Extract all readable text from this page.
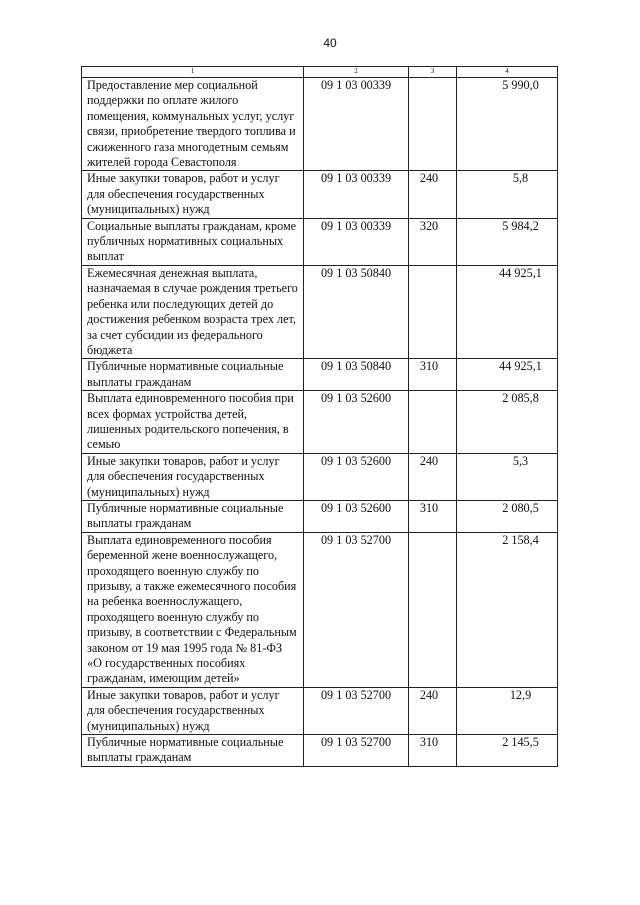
40
1	2	3	4
Предоставление мер социальной поддержки по оплате жилого помещения, коммунальных услуг, услуг связи, приобретение твердого топлива и сжиженного газа многодетным семьям жителей города Севастополя	09 1 03 00339		5 990,0
Иные закупки товаров, работ и услуг для обеспечения государственных (муниципальных) нужд	09 1 03 00339	240	5,8
Социальные выплаты гражданам, кроме публичных нормативных социальных выплат	09 1 03 00339	320	5 984,2
Ежемесячная денежная выплата, назначаемая в случае рождения третьего ребенка или последующих детей до достижения ребенком возраста трех лет, за счет субсидии из федерального бюджета	09 1 03 50840		44 925,1
Публичные нормативные социальные выплаты гражданам	09 1 03 50840	310	44 925,1
Выплата единовременного пособия при всех формах устройства детей, лишенных родительского попечения, в семью	09 1 03 52600		2 085,8
Иные закупки товаров, работ и услуг для обеспечения государственных (муниципальных) нужд	09 1 03 52600	240	5,3
Публичные нормативные социальные выплаты гражданам	09 1 03 52600	310	2 080,5
Выплата единовременного пособия беременной жене военнослужащего, проходящего военную службу по призыву, а также ежемесячного пособия на ребенка военнослужащего, проходящего военную службу по призыву, в соответствии с Федеральным законом от 19 мая 1995 года № 81-ФЗ «О государственных пособиях гражданам, имеющим детей»	09 1 03 52700		2 158,4
Иные закупки товаров, работ и услуг для обеспечения государственных (муниципальных) нужд	09 1 03 52700	240	12,9
Публичные нормативные социальные выплаты гражданам	09 1 03 52700	310	2 145,5
